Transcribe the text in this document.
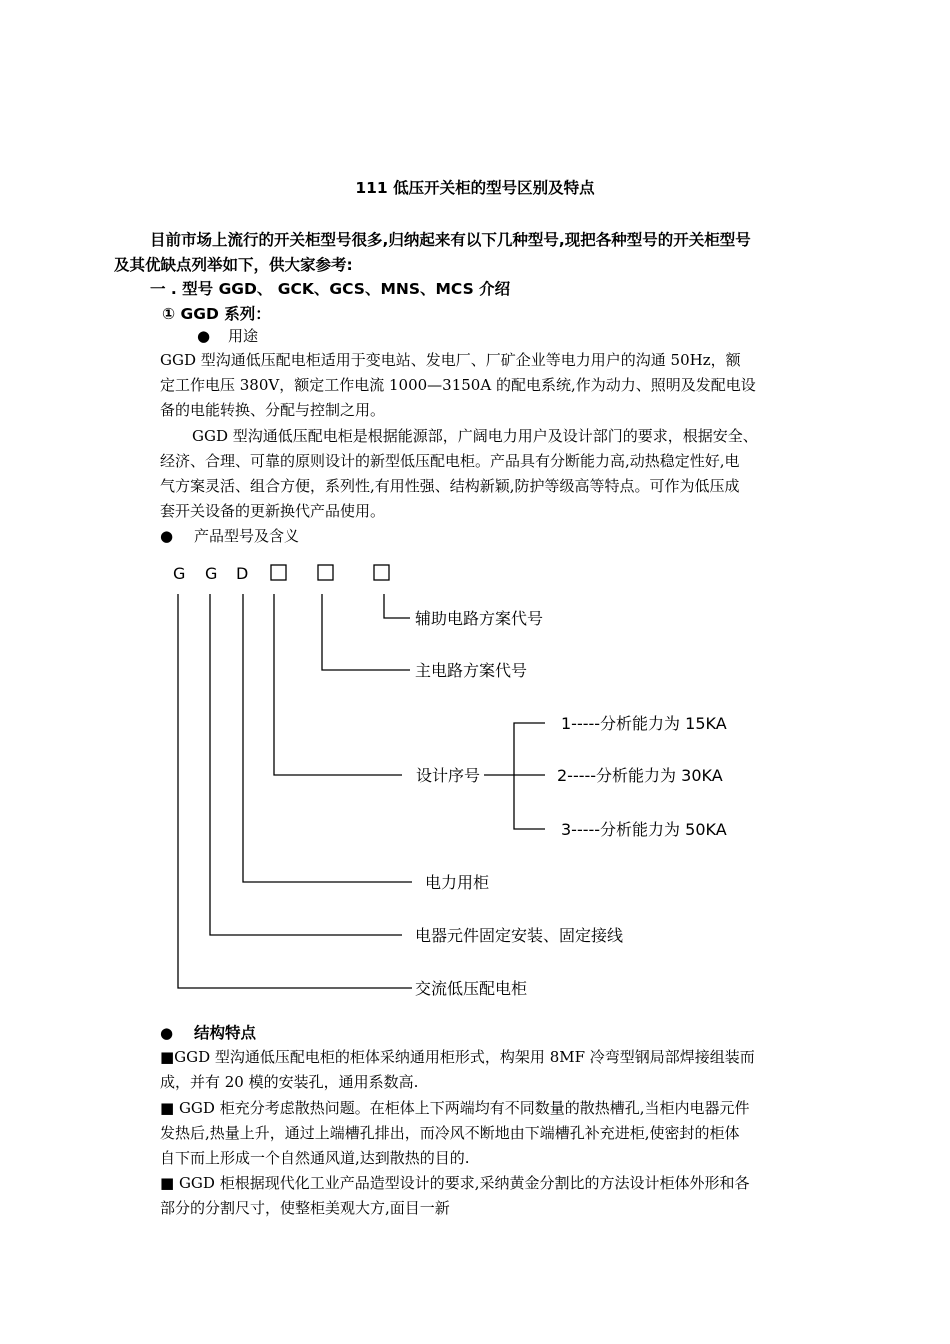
111 低压开关柜的型号区别及特点
目前市场上流行的开关柜型号很多,归纳起来有以下几种型号,现把各种型号的开关柜型号
及其优缺点列举如下，供大家参考:
一 . 型号 GGD、 GCK、GCS、MNS、MCS 介绍
① GGD 系列：
● 用途
GGD 型沟通低压配电柜适用于变电站、发电厂、厂矿企业等电力用户的沟通 50Hz，额
定工作电压 380V，额定工作电流 1000—3150A 的配电系统,作为动力、照明及发配电设
备的电能转换、分配与控制之用。
GGD 型沟通低压配电柜是根据能源部，广阔电力用户及设计部门的要求，根据安全、
经济、合理、可靠的原则设计的新型低压配电柜。产品具有分断能力高,动热稳定性好,电
气方案灵活、组合方便，系列性,有用性强、结构新颖,防护等级高等特点。可作为低压成
套开关设备的更新换代产品使用。
● 产品型号及含义
G G D
辅助电路方案代号
主电路方案代号
设计序号
1-----分析能力为 15KA
2-----分析能力为 30KA
3-----分析能力为 50KA
电力用柜
电器元件固定安装、固定接线
交流低压配电柜
● 结构特点
■GGD 型沟通低压配电柜的柜体采纳通用柜形式，构架用 8MF 冷弯型钢局部焊接组装而
成，并有 20 模的安装孔，通用系数高.
■ GGD 柜充分考虑散热问题。在柜体上下两端均有不同数量的散热槽孔,当柜内电器元件
发热后,热量上升，通过上端槽孔排出，而冷风不断地由下端槽孔补充进柜,使密封的柜体
自下而上形成一个自然通风道,达到散热的目的.
■ GGD 柜根据现代化工业产品造型设计的要求,采纳黄金分割比的方法设计柜体外形和各
部分的分割尺寸，使整柜美观大方,面目一新
